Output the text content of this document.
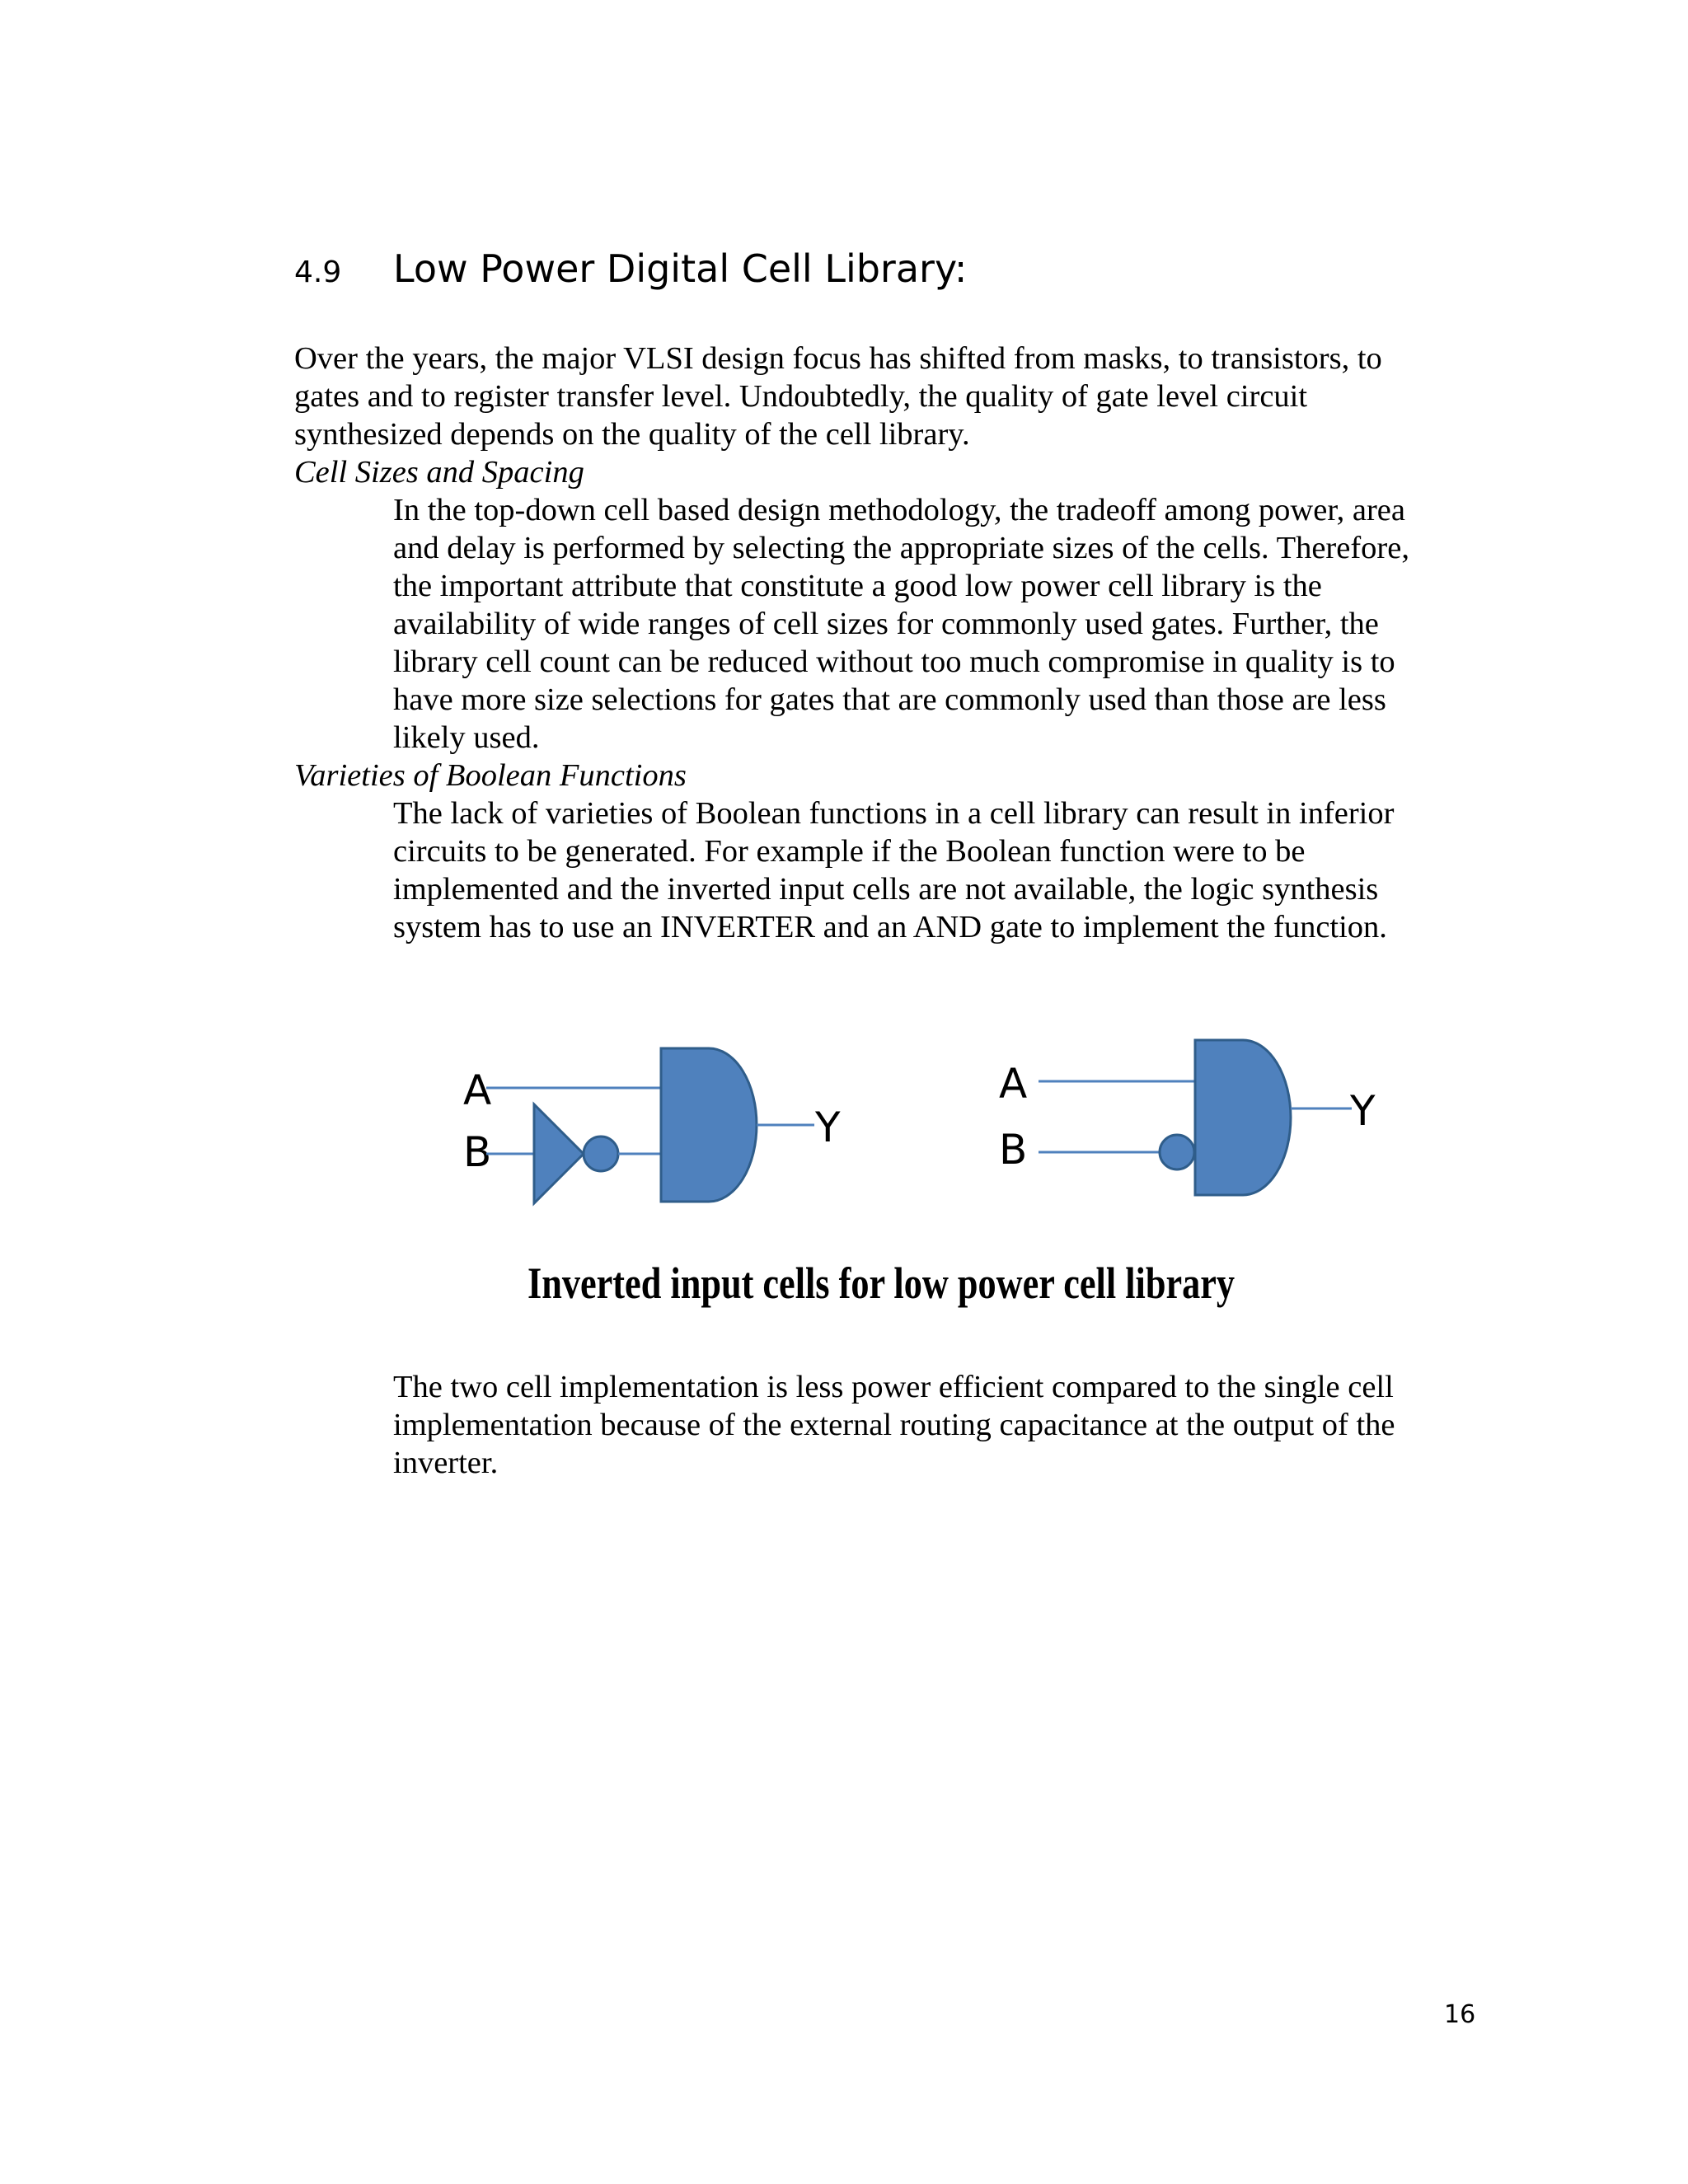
4.9 Low Power Digital Cell Library:
Over the years, the major VLSI design focus has shifted from masks, to transistors, to
gates and to register transfer level. Undoubtedly, the quality of gate level circuit
synthesized depends on the quality of the cell library.
Cell Sizes and Spacing
In the top-down cell based design methodology, the tradeoff among power, area
and delay is performed by selecting the appropriate sizes of the cells. Therefore,
the important attribute that constitute a good low power cell library is the
availability of wide ranges of cell sizes for commonly used gates. Further, the
library cell count can be reduced without too much compromise in quality is to
have more size selections for gates that are commonly used than those are less
likely used.
Varieties of Boolean Functions
The lack of varieties of Boolean functions in a cell library can result in inferior
circuits to be generated. For example if the Boolean function were to be
implemented and the inverted input cells are not available, the logic synthesis
system has to use an INVERTER and an AND gate to implement the function.
A
B
Y
A
B
Y
Inverted input cells for low power cell library
The two cell implementation is less power efficient compared to the single cell
implementation because of the external routing capacitance at the output of the
inverter.
16
